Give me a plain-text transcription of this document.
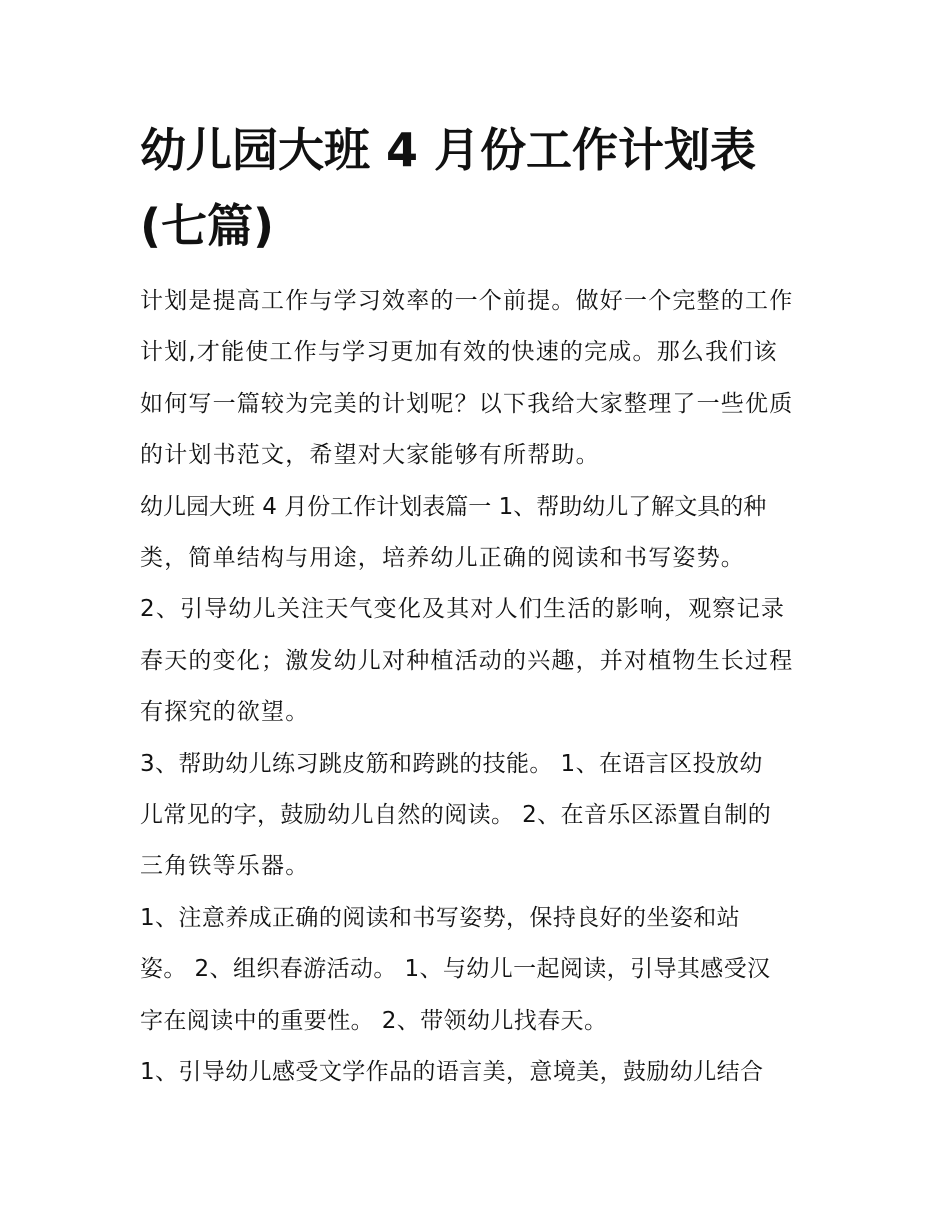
幼儿园大班 4 月份工作计划表
(七篇)
计划是提高工作与学习效率的一个前提。做好一个完整的工作
计划,才能使工作与学习更加有效的快速的完成。那么我们该
如何写一篇较为完美的计划呢？以下我给大家整理了一些优质
的计划书范文，希望对大家能够有所帮助。
幼儿园大班 4 月份工作计划表篇一 1、帮助幼儿了解文具的种
类，简单结构与用途，培养幼儿正确的阅读和书写姿势。
2、引导幼儿关注天气变化及其对人们生活的影响，观察记录
春天的变化；激发幼儿对种植活动的兴趣，并对植物生长过程
有探究的欲望。
3、帮助幼儿练习跳皮筋和跨跳的技能。 1、在语言区投放幼
儿常见的字，鼓励幼儿自然的阅读。 2、在音乐区添置自制的
三角铁等乐器。
1、注意养成正确的阅读和书写姿势，保持良好的坐姿和站
姿。 2、组织春游活动。 1、与幼儿一起阅读，引导其感受汉
字在阅读中的重要性。 2、带领幼儿找春天。
1、引导幼儿感受文学作品的语言美，意境美，鼓励幼儿结合
